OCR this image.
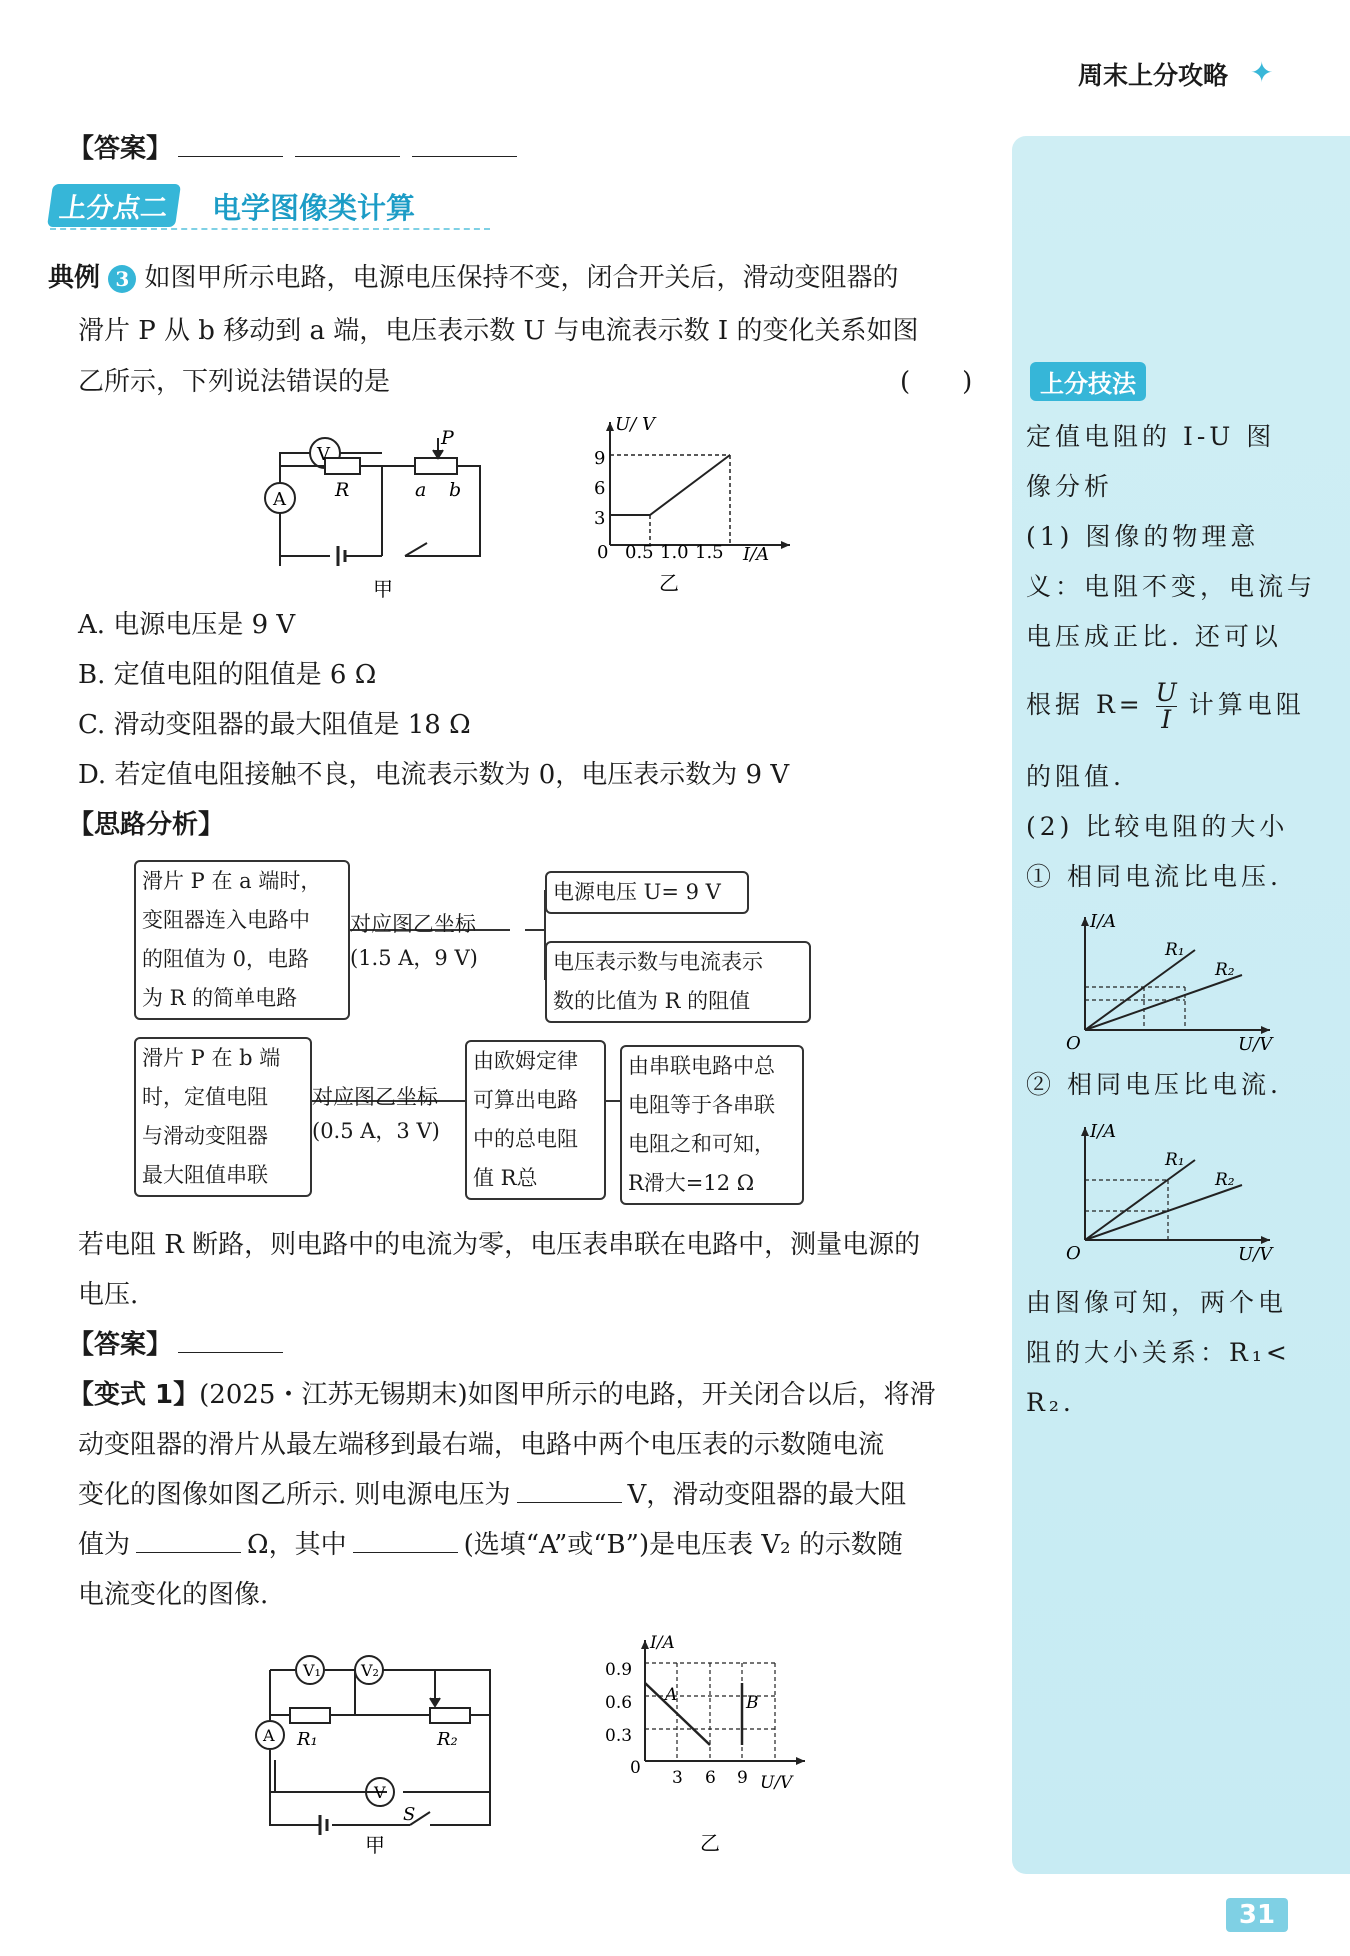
周末上分攻略 ✦
【答案】
上分点二	电学图像类计算
典例 3 如图甲所示电路，电源电压保持不变，闭合开关后，滑动变阻器的
滑片 P 从 b 移动到 a 端，电压表示数 U 与电流表示数 I 的变化关系如图
乙所示，下列说法错误的是	(　　)
V
A	R
P
a b
甲
U/ V
I/A
0 0.5 1.0 1.5
3
6
9
乙
A. 电源电压是 9 V
B. 定值电阻的阻值是 6 Ω
C. 滑动变阻器的最大阻值是 18 Ω
D. 若定值电阻接触不良，电流表示数为 0，电压表示数为 9 V
【思路分析】
滑片 P 在 a 端时，
变阻器连入电路中
的阻值为 0，电路
为 R 的简单电路
对应图乙坐标
(1.5 A，9 V)
电源电压 U= 9 V
电压表示数与电流表示
数的比值为 R 的阻值
滑片 P 在 b 端
时，定值电阻
与滑动变阻器
最大阻值串联
对应图乙坐标
(0.5 A，3 V)
由欧姆定律
可算出电路
中的总电阻
值 R总
由串联电路中总
电阻等于各串联
电阻之和可知，
R滑大=12 Ω
若电阻 R 断路，则电路中的电流为零，电压表串联在电路中，测量电源的
电压.
【答案】
【变式 1】(2025・江苏无锡期末)如图甲所示的电路，开关闭合以后，将滑
动变阻器的滑片从最左端移到最右端，电路中两个电压表的示数随电流
变化的图像如图乙所示. 则电源电压为	V，滑动变阻器的最大阻
值为	Ω，其中	(选填“A”或“B”)是电压表 V₂ 的示数随
电流变化的图像.
V₁	V₂
A
V
R₁	R₂
S
甲
I/A
U/V
0.9
0.6
0.3
0 3 6 9
A	B
乙
上分技法
定值电阻的 I-U 图
像分析
(1) 图像的物理意
义：电阻不变，电流与
电压成正比. 还可以
根据 $R= \frac{U}{I}$ 计算电阻
的阻值.
(2) 比较电阻的大小
① 相同电流比电压.
I/A
U/V
O
R₁
R₂
② 相同电压比电流.
I/A
U/V
O
R₁
R₂
由图像可知，两个电
阻的大小关系：R₁<
R₂.
31
